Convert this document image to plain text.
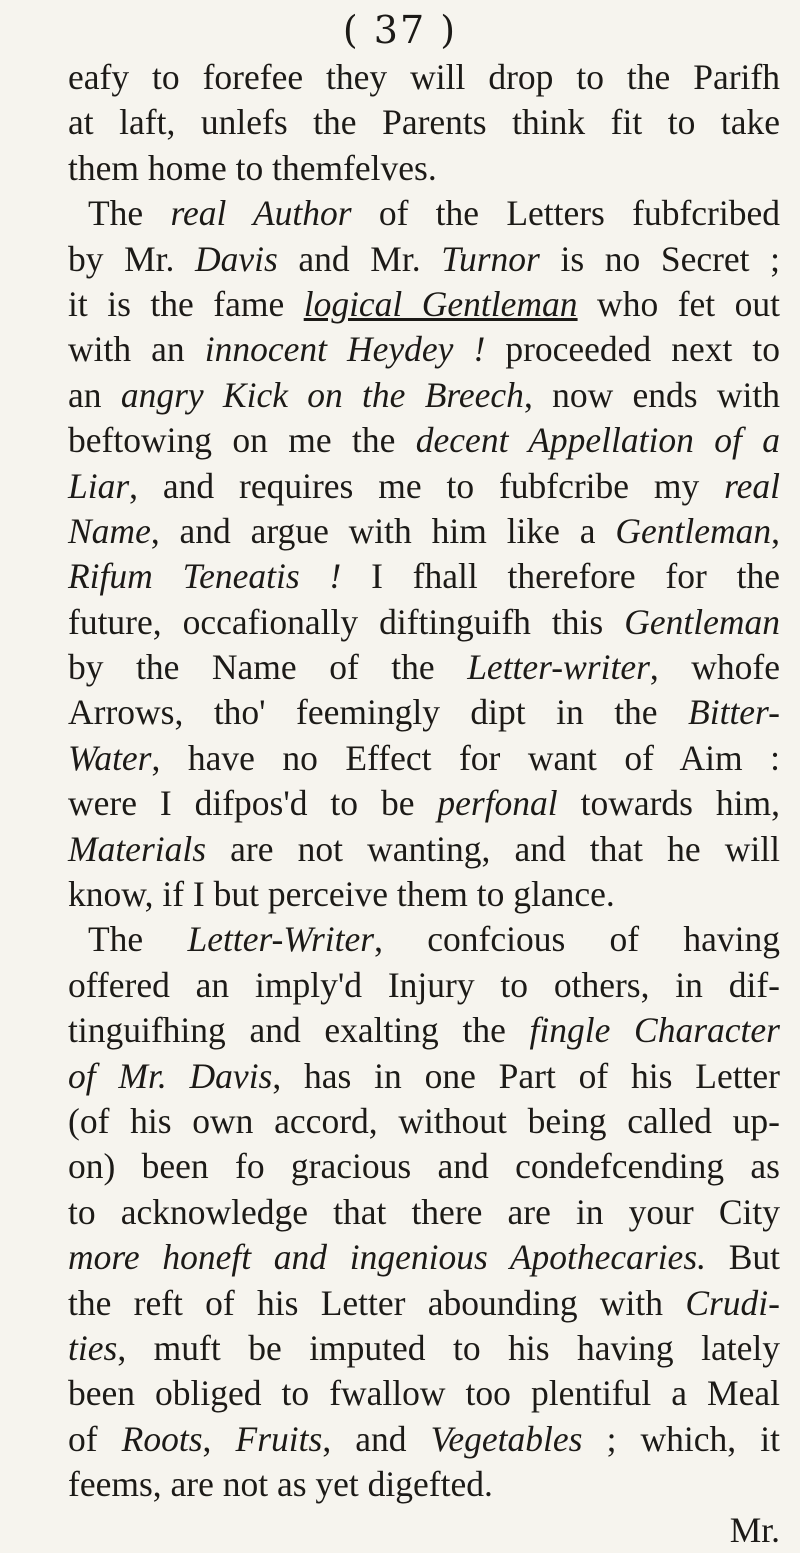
( 37 )
eafy to forefee they will drop to the Parifh
at laft, unlefs the Parents think fit to take
them home to themfelves.
The real Author of the Letters fubfcribed
by Mr. Davis and Mr. Turnor is no Secret ;
it is the fame logical Gentleman who fet out
with an innocent Heydey ! proceeded next to
an angry Kick on the Breech, now ends with
beftowing on me the decent Appellation of a
Liar, and requires me to fubfcribe my real
Name, and argue with him like a Gentleman,
Rifum Teneatis ! I fhall therefore for the
future, occafionally diftinguifh this Gentleman
by the Name of the Letter-writer, whofe
Arrows, tho' feemingly dipt in the Bitter-
Water, have no Effect for want of Aim :
were I difpos'd to be perfonal towards him,
Materials are not wanting, and that he will
know, if I but perceive them to glance.
The Letter-Writer, confcious of having
offered an imply'd Injury to others, in dif-
tinguifhing and exalting the fingle Character
of Mr. Davis, has in one Part of his Letter
(of his own accord, without being called up-
on) been fo gracious and condefcending as
to acknowledge that there are in your City
more honeft and ingenious Apothecaries. But
the reft of his Letter abounding with Crudi-
ties, muft be imputed to his having lately
been obliged to fwallow too plentiful a Meal
of Roots, Fruits, and Vegetables ; which, it
feems, are not as yet digefted.
Mr.
